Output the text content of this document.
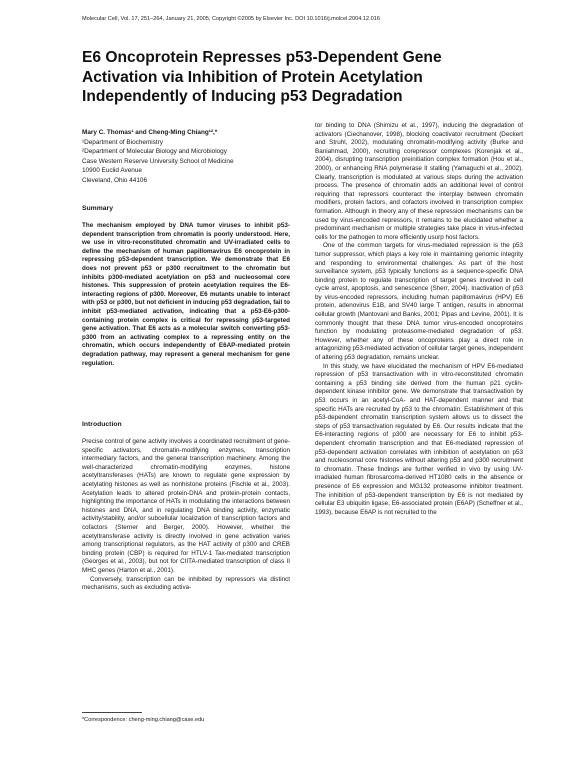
Molecular Cell, Vol. 17, 251–264, January 21, 2005, Copyright ©2005 by Elsevier Inc. DOI 10.1016/j.molcel.2004.12.016
E6 Oncoprotein Represses p53-Dependent Gene
Activation via Inhibition of Protein Acetylation
Independently of Inducing p53 Degradation
Mary C. Thomas¹ and Cheng-Ming Chiang¹²,*
¹Department of Biochemistry
²Department of Molecular Biology and Microbiology
Case Western Reserve University School of Medicine
10900 Euclid Avenue
Cleveland, Ohio 44106
Summary

The mechanism employed by DNA tumor viruses to inhibit p53-dependent transcription from chromatin is poorly understood. Here, we use in vitro-reconstituted chromatin and UV-irradiated cells to define the mechanism of human papillomavirus E6 oncoprotein in repressing p53-dependent transcription. We demonstrate that E6 does not prevent p53 or p300 recruitment to the chromatin but inhibits p300-mediated acetylation on p53 and nucleosomal core histones. This suppression of protein acetylation requires the E6-interacting regions of p300. Moreover, E6 mutants unable to interact with p53 or p300, but not deficient in inducing p53 degradation, fail to inhibit p53-mediated activation, indicating that a p53-E6-p300-containing protein complex is critical for repressing p53-targeted gene activation. That E6 acts as a molecular switch converting p53-p300 from an activating complex to a repressing entity on the chromatin, which occurs independently of E6AP-mediated protein degradation pathway, may represent a general mechanism for gene regulation.

Introduction

Precise control of gene activity involves a coordinated recruitment of gene-specific activators, chromatin-modifying enzymes, transcription intermediary factors, and the general transcription machinery. Among the well-characterized chromatin-modifying enzymes, histone acetyltransferases (HATs) are known to regulate gene expression by acetylating histones as well as nonhistone proteins (Fischle et al., 2003). Acetylation leads to altered protein-DNA and protein-protein contacts, highlighting the importance of HATs in modulating the interactions between histones and DNA, and in regulating DNA binding activity, enzymatic activity/stability, and/or subcellular localization of transcription factors and cofactors (Sterner and Berger, 2000). However, whether the acetyltransferase activity is directly involved in gene activation varies among transcriptional regulators, as the HAT activity of p300 and CREB binding protein (CBP) is required for HTLV-1 Tax-mediated transcription (Georges et al., 2003), but not for CIITA-mediated transcription of class II MHC genes (Harton et al., 2001).

Conversely, transcription can be inhibited by repressors via distinct mechanisms, such as excluding activa-

tor binding to DNA (Shimizu et al., 1997), inducing the degradation of activators (Ciechanover, 1998), blocking coactivator recruitment (Deckert and Struhl, 2002), modulating chromatin-modifying activity (Burke and Baniahmad, 2000), recruiting corepressor complexes (Korenjak et al., 2004), disrupting transcription preinitiation complex formation (Hou et al., 2000), or enhancing RNA polymerase II stalling (Yamaguchi et al., 2002). Clearly, transcription is modulated at various steps during the activation process. The presence of chromatin adds an additional level of control requiring that repressors counteract the interplay between chromatin modifiers, protein factors, and cofactors involved in transcription complex formation. Although in theory any of these repression mechanisms can be used by virus-encoded repressors, it remains to be elucidated whether a predominant mechanism or multiple strategies take place in virus-infected cells for the pathogen to more efficiently usurp host factors.

One of the common targets for virus-mediated repression is the p53 tumor suppressor, which plays a key role in maintaining genomic integrity and responding to environmental challenges. As part of the host surveillance system, p53 typically functions as a sequence-specific DNA binding protein to regulate transcription of target genes involved in cell cycle arrest, apoptosis, and senescence (Sherr, 2004). Inactivation of p53 by virus-encoded repressors, including human papillomavirus (HPV) E6 protein, adenovirus E1B, and SV40 large T antigen, results in abnormal cellular growth (Mantovani and Banks, 2001; Pipas and Levine, 2001). It is commonly thought that these DNA tumor virus-encoded oncoproteins function by modulating proteasome-mediated degradation of p53. However, whether any of these oncoproteins play a direct role in antagonizing p53-mediated activation of cellular target genes, independent of altering p53 degradation, remains unclear.

In this study, we have elucidated the mechanism of HPV E6-mediated repression of p53 transactivation with in vitro-reconstituted chromatin containing a p53 binding site derived from the human p21 cyclin-dependent kinase inhibitor gene. We demonstrate that transactivation by p53 occurs in an acetyl-CoA- and HAT-dependent manner and that specific HATs are recruited by p53 to the chromatin. Establishment of this p53-dependent chromatin transcription system allows us to dissect the steps of p53 transactivation regulated by E6. Our results indicate that the E6-interacting regions of p300 are necessary for E6 to inhibit p53-dependent chromatin transcription and that E6-mediated repression of p53-dependent activation correlates with inhibition of acetylation on p53 and nucleosomal core histones without altering p53 and p300 recruitment to chromatin. These findings are further verified in vivo by using UV-irradiated human fibrosarcoma-derived HT1080 cells in the absence or presence of E6 expression and MG132 proteasome inhibitor treatment. The inhibition of p53-dependent transcription by E6 is not mediated by cellular E3 ubiquitin ligase, E6-associated protein (E6AP) (Scheffner et al., 1993), because E6AP is not recruited to the

*Correspondence: cheng-ming.chiang@case.edu
